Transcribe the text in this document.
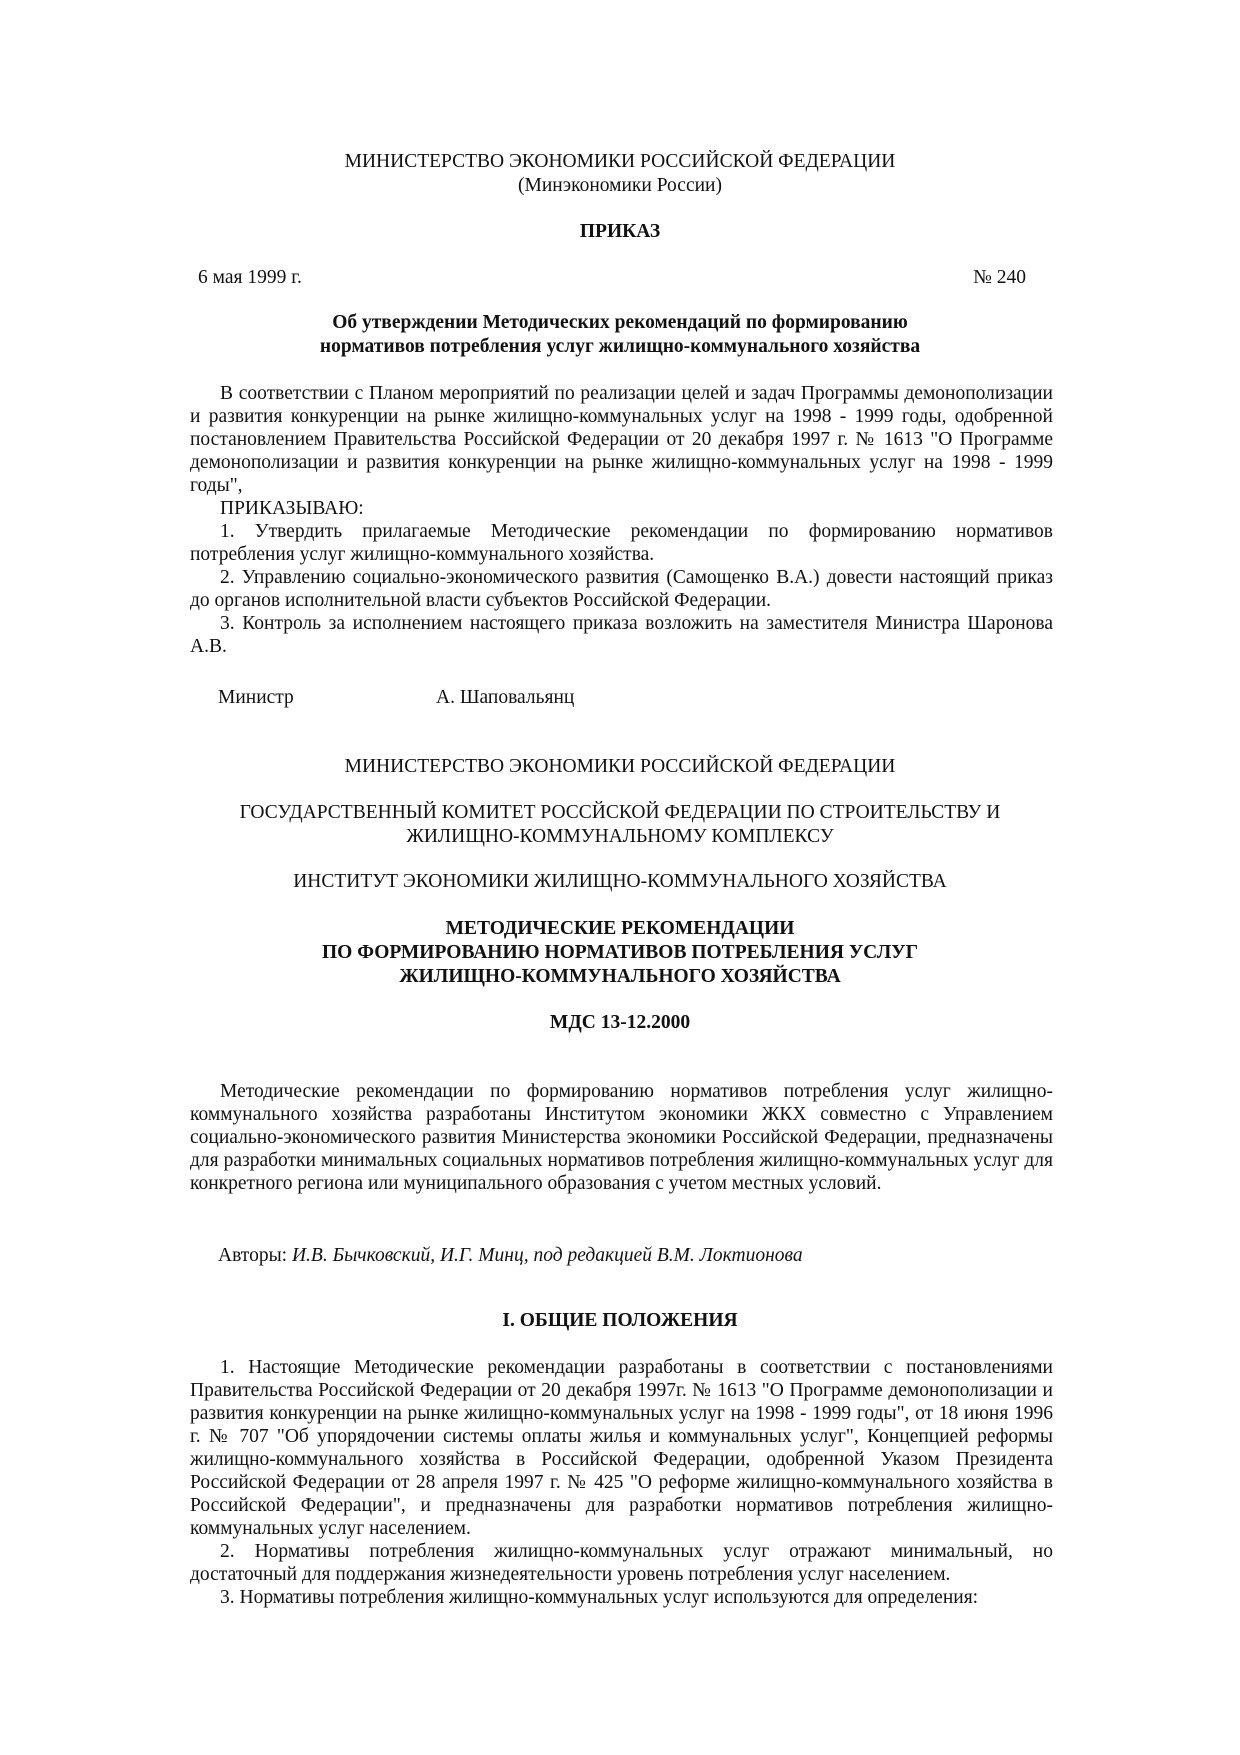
МИНИСТЕРСТВО ЭКОНОМИКИ РОССИЙСКОЙ ФЕДЕРАЦИИ
(Минэкономики России)
ПРИКАЗ
6 мая 1999 г.	№ 240
Об утверждении Методических рекомендаций по формированию
нормативов потребления услуг жилищно-коммунального хозяйства

В соответствии с Планом мероприятий по реализации целей и задач Программы демонополизации и развития конкуренции на рынке жилищно-коммунальных услуг на 1998 - 1999 годы, одобренной постановлением Правительства Российской Федерации от 20 декабря 1997 г. № 1613 "О Программе демонополизации и развития конкуренции на рынке жилищно-коммунальных услуг на 1998 - 1999 годы",

ПРИКАЗЫВАЮ:

1. Утвердить прилагаемые Методические рекомендации по формированию нормативов потребления услуг жилищно-коммунального хозяйства.

2. Управлению социально-экономического развития (Самощенко В.А.) довести настоящий приказ до органов исполнительной власти субъектов Российской Федерации.

3. Контроль за исполнением настоящего приказа возложить на заместителя Министра Шаронова А.В.

Министр	А. Шаповальянц
МИНИСТЕРСТВО ЭКОНОМИКИ РОССИЙСКОЙ ФЕДЕРАЦИИ
ГОСУДАРСТВЕННЫЙ КОМИТЕТ РОССЙСКОЙ ФЕДЕРАЦИИ ПО СТРОИТЕЛЬСТВУ И
ЖИЛИЩНО-КОММУНАЛЬНОМУ КОМПЛЕКСУ
ИНСТИТУТ ЭКОНОМИКИ ЖИЛИЩНО-КОММУНАЛЬНОГО ХОЗЯЙСТВА
МЕТОДИЧЕСКИЕ РЕКОМЕНДАЦИИ
ПО ФОРМИРОВАНИЮ НОРМАТИВОВ ПОТРЕБЛЕНИЯ УСЛУГ
ЖИЛИЩНО-КОММУНАЛЬНОГО ХОЗЯЙСТВА
МДС 13-12.2000

Методические рекомендации по формированию нормативов потребления услуг жилищно-коммунального хозяйства разработаны Институтом экономики ЖКХ совместно с Управлением социально-экономического развития Министерства экономики Российской Федерации, предназначены для разработки минимальных социальных нормативов потребления жилищно-коммунальных услуг для конкретного региона или муниципального образования с учетом местных условий.

Авторы: И.В. Бычковский, И.Г. Минц, под редакцией В.М. Локтионова
I. ОБЩИЕ ПОЛОЖЕНИЯ

1. Настоящие Методические рекомендации разработаны в соответствии с постановлениями Правительства Российской Федерации от 20 декабря 1997г. № 1613 "О Программе демонополизации и развития конкуренции на рынке жилищно-коммунальных услуг на 1998 - 1999 годы", от 18 июня 1996 г. № 707 "Об упорядочении системы оплаты жилья и коммунальных услуг", Концепцией реформы жилищно-коммунального хозяйства в Российской Федерации, одобренной Указом Президента Российской Федерации от 28 апреля 1997 г. № 425 "О реформе жилищно-коммунального хозяйства в Российской Федерации", и предназначены для разработки нормативов потребления жилищно-коммунальных услуг населением.

2. Нормативы потребления жилищно-коммунальных услуг отражают минимальный, но достаточный для поддержания жизнедеятельности уровень потребления услуг населением.

3. Нормативы потребления жилищно-коммунальных услуг используются для определения:
